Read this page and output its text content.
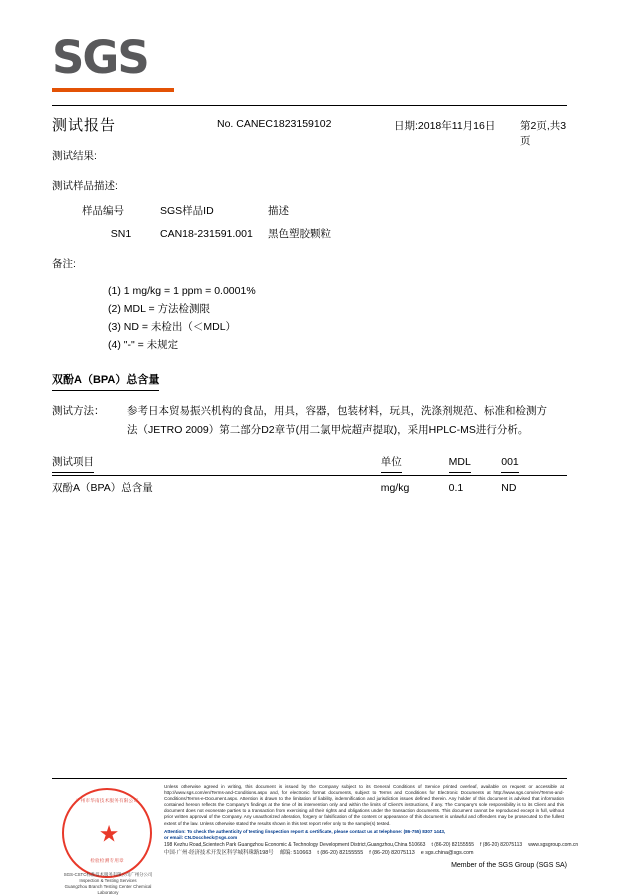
SGS
测试报告	No. CANEC1823159102	日期:2018年11月16日 第2页,共3页
测试结果:
测试样品描述:
样品编号	SGS样品ID	描述
SN1	CAN18-231591.001	黑色塑胶颗粒
备注:
(1) 1 mg/kg = 1 ppm = 0.0001%
(2) MDL = 方法检测限
(3) ND = 未检出（＜MDL）
(4) "-" = 未规定
双酚A（BPA）总含量
测试方法： 参考日本贸易振兴机构的食品，用具，容器，包装材料，玩具，洗涤剂规范、标准和检测方
法（JETRO 2009）第二部分D2章节(用二氯甲烷超声提取)，采用HPLC-MS进行分析。
测试项目	单位	MDL	001
双酚A（BPA）总含量	mg/kg	0.1	ND
广州市华南技术服务有限公司
★
检验检测专用章
SGS-CSTC标准技术服务有限公司广州分公司
Inspection & Testing Services
Guangzhou Branch Testing Center Chemical Laboratory
Unless otherwise agreed in writing, this document is issued by the Company subject to its General Conditions of Service printed overleaf, available on request or accessible at http://www.sgs.com/en/Terms-and-Conditions.aspx and, for electronic format documents, subject to Terms and Conditions for Electronic Documents at http://www.sgs.com/en/Terms-and-Conditions/Terms-e-Document.aspx. Attention is drawn to the limitation of liability, indemnification and jurisdiction issues defined therein. Any holder of this document is advised that information contained hereon reflects the Company's findings at the time of its intervention only and within the limits of Client's instructions, if any. The Company's sole responsibility is to its Client and this document does not exonerate parties to a transaction from exercising all their rights and obligations under the transaction documents. This document cannot be reproduced except in full, without prior written approval of the Company. Any unauthorized alteration, forgery or falsification of the content or appearance of this document is unlawful and offenders may be prosecuted to the fullest extent of the law. Unless otherwise stated the results shown in this test report refer only to the sample(s) tested.
Attention: To check the authenticity of testing /inspection report & certificate, please contact us at telephone: (86-755) 8307 1443,
or email: CN.Doccheck@sgs.com
198 Kezhu Road,Scientech Park Guangzhou Economic & Technology Development District,Guangzhou,China 510663 t (86-20) 82155555 f (86-20) 82075113 www.sgsgroup.com.cn
中国·广州·经济技术开发区科学城科珠路198号 邮编: 510663 t (86-20) 82155555 f (86-20) 82075113 e sgs.china@sgs.com
Member of the SGS Group (SGS SA)
